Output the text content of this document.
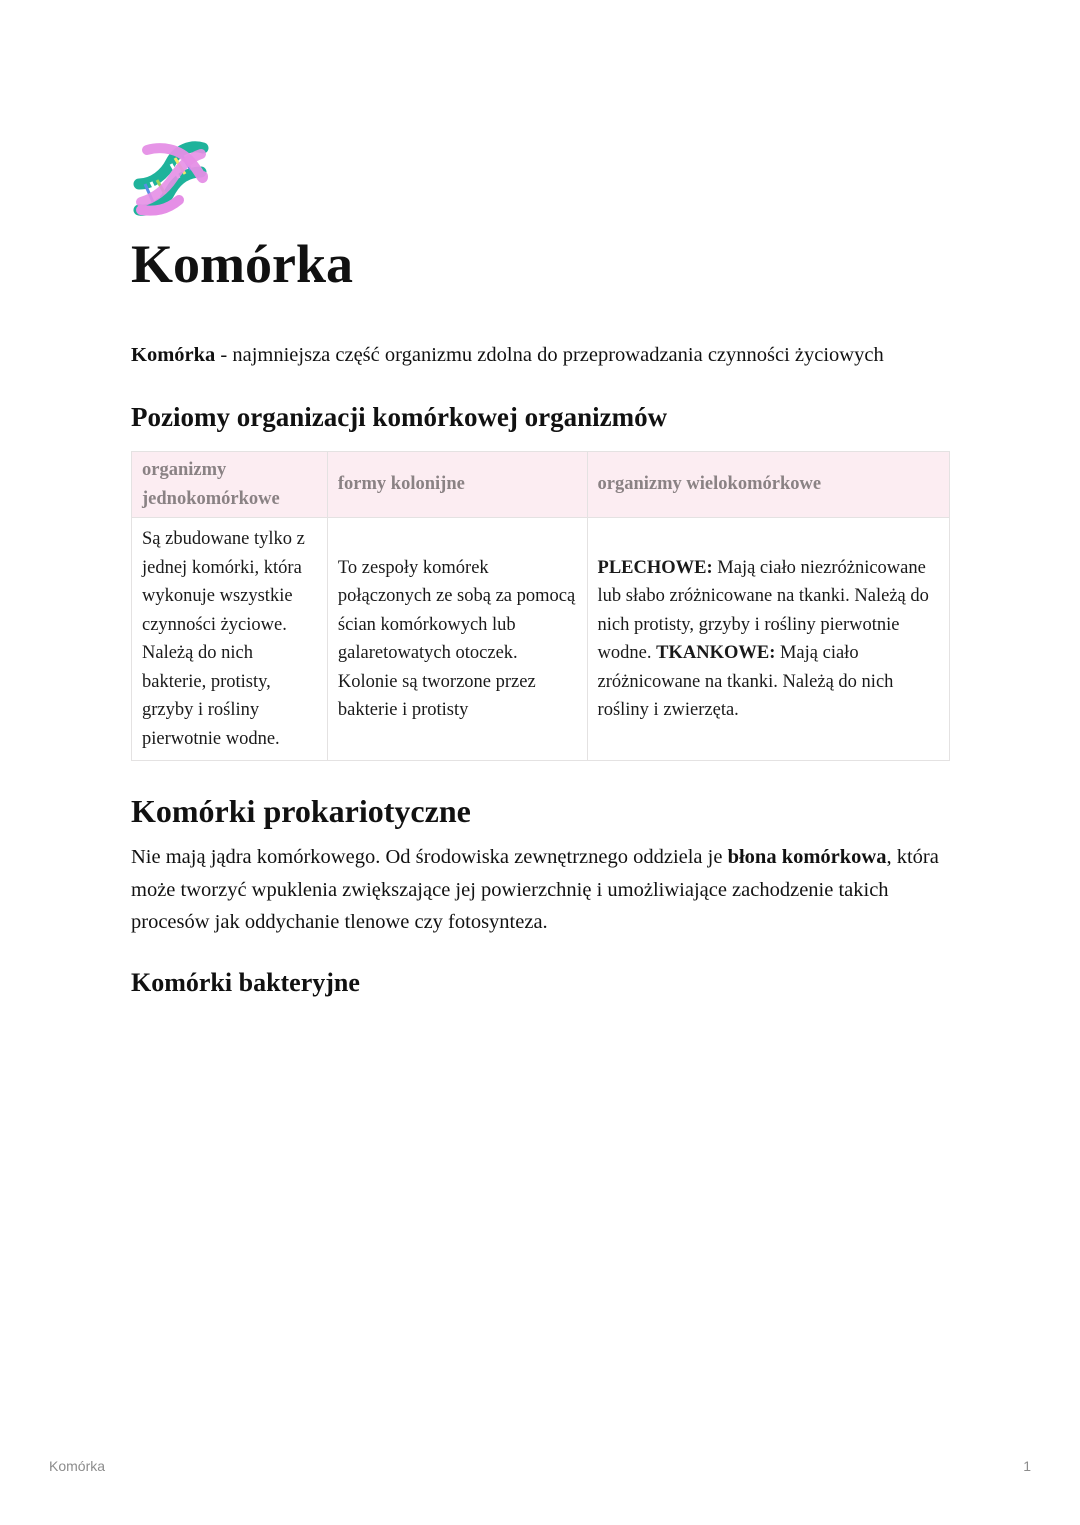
Komórka

Komórka - najmniejsza część organizmu zdolna do przeprowadzania czynności życiowych

Poziomy organizacji komórkowej organizmów
organizmy jednokomórkowe	formy kolonijne	organizmy wielokomórkowe
Są zbudowane tylko z jednej komórki, która wykonuje wszystkie czynności życiowe. Należą do nich bakterie, protisty, grzyby i rośliny pierwotnie wodne.	To zespoły komórek połączonych ze sobą za pomocą ścian komórkowych lub galaretowatych otoczek. Kolonie są tworzone przez bakterie i protisty	PLECHOWE: Mają ciało niezróżnicowane lub słabo zróżnicowane na tkanki. Należą do nich protisty, grzyby i rośliny pierwotnie wodne. TKANKOWE: Mają ciało zróżnicowane na tkanki. Należą do nich rośliny i zwierzęta.
Komórki prokariotyczne

Nie mają jądra komórkowego. Od środowiska zewnętrznego oddziela je błona komórkowa, która może tworzyć wpuklenia zwiększające jej powierzchnię i umożliwiające zachodzenie takich procesów jak oddychanie tlenowe czy fotosynteza.

Komórki bakteryjne
Komórka	1
